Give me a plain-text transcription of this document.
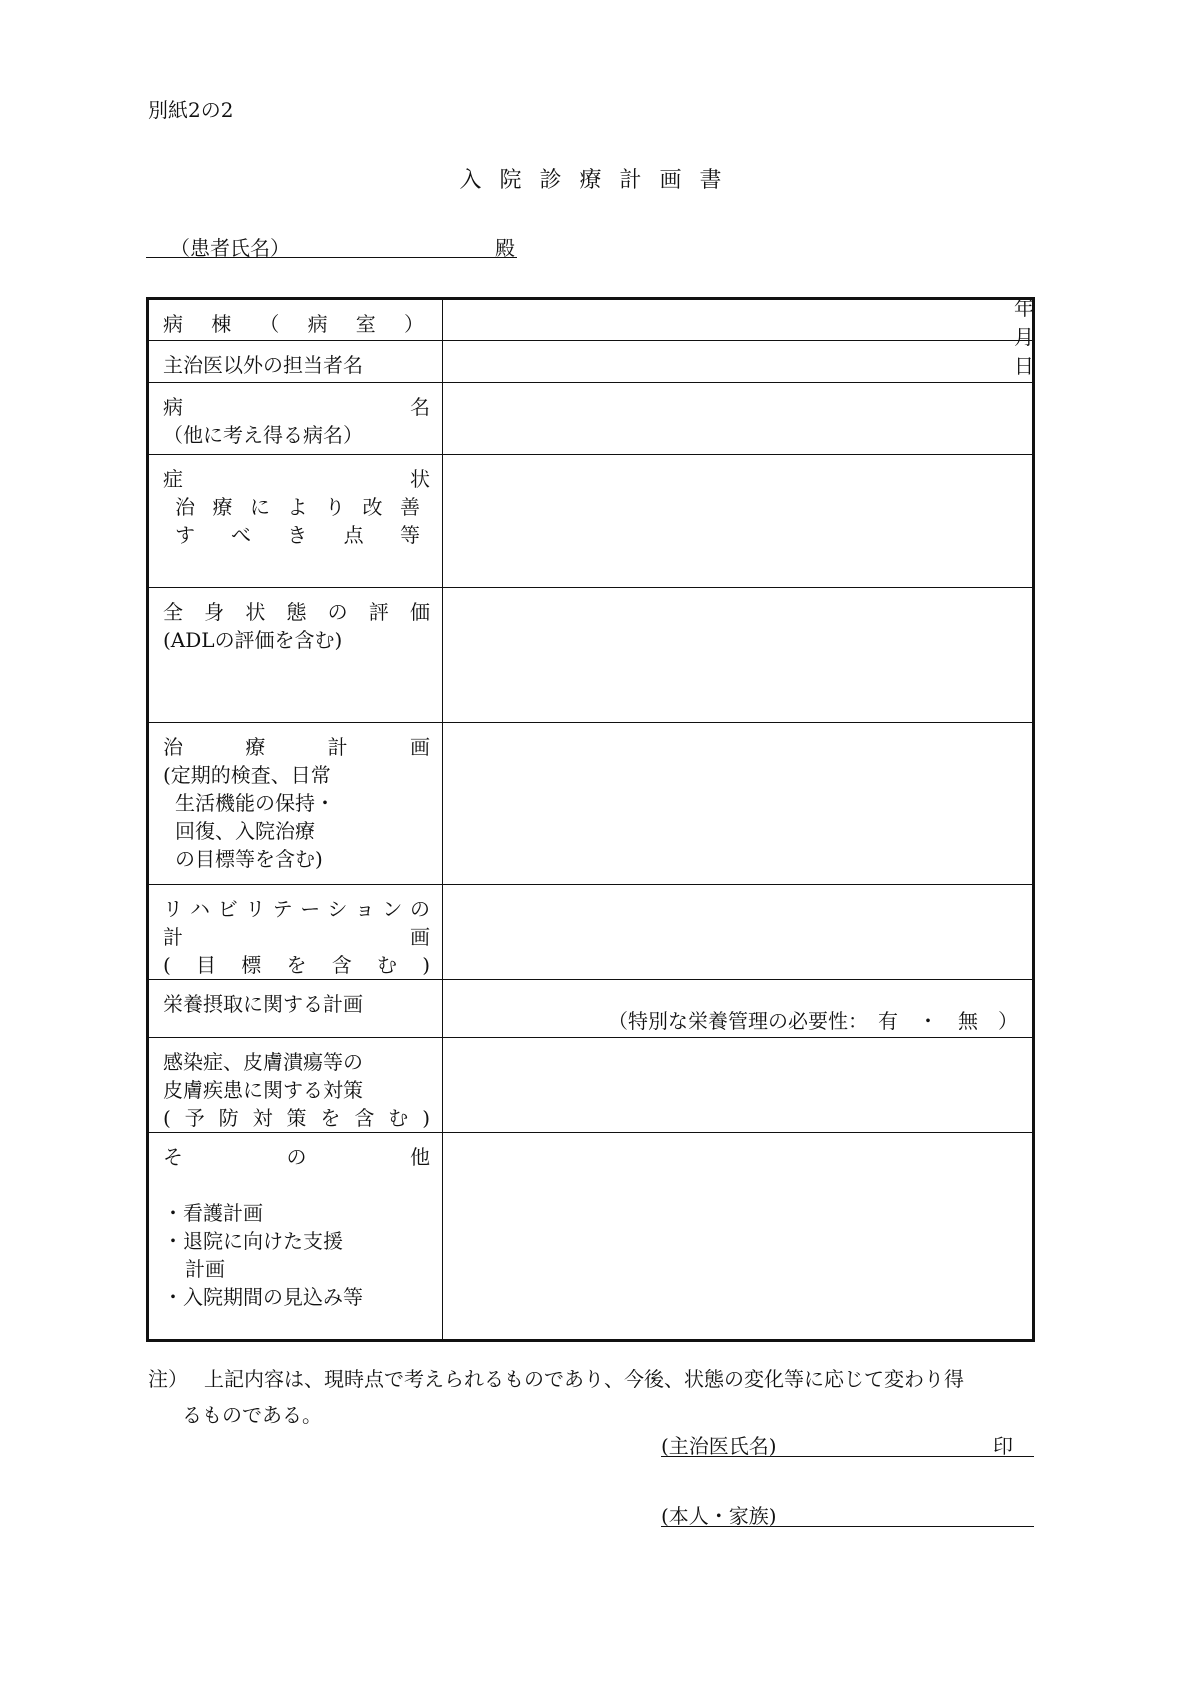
別紙2の2
入院診療計画書
（患者氏名）	殿

年
月
日

病 棟 （ 病 室 ）	

主治医以外の担当者名	

病名
（他に考え得る病名）	

症状
治療により改善
すべき点等	

全身状態の評価
(ADLの評価を含む)	

治療計画
(定期的検査、日常
生活機能の保持・
回復、入院治療
の目標等を含む)	

リハビリテーションの
計画
(目標を含む)	

栄養摂取に関する計画	（特別な栄養管理の必要性：　有　・　無　）

感染症、皮膚潰瘍等の
皮膚疾患に関する対策
(予防対策を含む)	

その他
・看護計画
・退院に向けた支援
計画
・入院期間の見込み等	

注） 上記内容は、現時点で考えられるものであり、今後、状態の変化等に応じて変わり得
るものである。
(主治医氏名)	印
(本人・家族)
